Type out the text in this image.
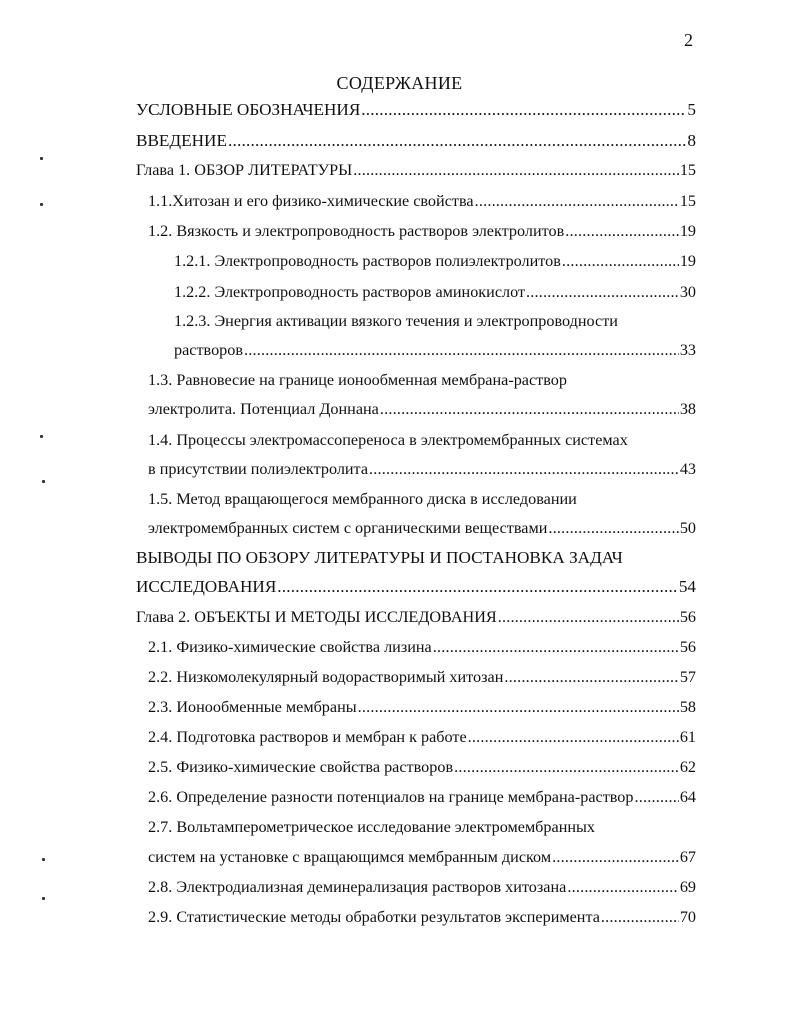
2
СОДЕРЖАНИЕ
УСЛОВНЫЕ ОБОЗНАЧЕНИЯ .....	5
ВВЕДЕНИЕ .....	8
Глава 1. ОБЗОР ЛИТЕРАТУРЫ .....	15
1.1.Хитозан и его физико-химические свойства .....	15
1.2. Вязкость и электропроводность растворов электролитов .....	19
1.2.1. Электропроводность растворов полиэлектролитов .....	19
1.2.2. Электропроводность растворов аминокислот .....	30
1.2.3. Энергия активации вязкого течения и электропроводности
растворов .....	33
1.3. Равновесие на границе ионообменная мембрана-раствор
электролита. Потенциал Доннана .....	38
1.4. Процессы электромассопереноса в электромембранных системах
в присутствии полиэлектролита .....	43
1.5. Метод вращающегося мембранного диска в исследовании
электромембранных систем с органическими веществами .....	50
ВЫВОДЫ ПО ОБЗОРУ ЛИТЕРАТУРЫ И ПОСТАНОВКА ЗАДАЧ
ИССЛЕДОВАНИЯ .....	54
Глава 2. ОБЪЕКТЫ И МЕТОДЫ ИССЛЕДОВАНИЯ .....	56
2.1. Физико-химические свойства лизина .....	56
2.2. Низкомолекулярный водорастворимый хитозан .....	57
2.3. Ионообменные мембраны .....	58
2.4. Подготовка растворов и мембран к работе .....	61
2.5. Физико-химические свойства растворов .....	62
2.6. Определение разности потенциалов на границе мембрана-раствор .....	64
2.7. Вольтамперометрическое исследование электромембранных
систем на установке с вращающимся мембранным диском .....	67
2.8. Электродиализная деминерализация растворов хитозана .....	69
2.9. Статистические методы обработки результатов эксперимента .....	70
